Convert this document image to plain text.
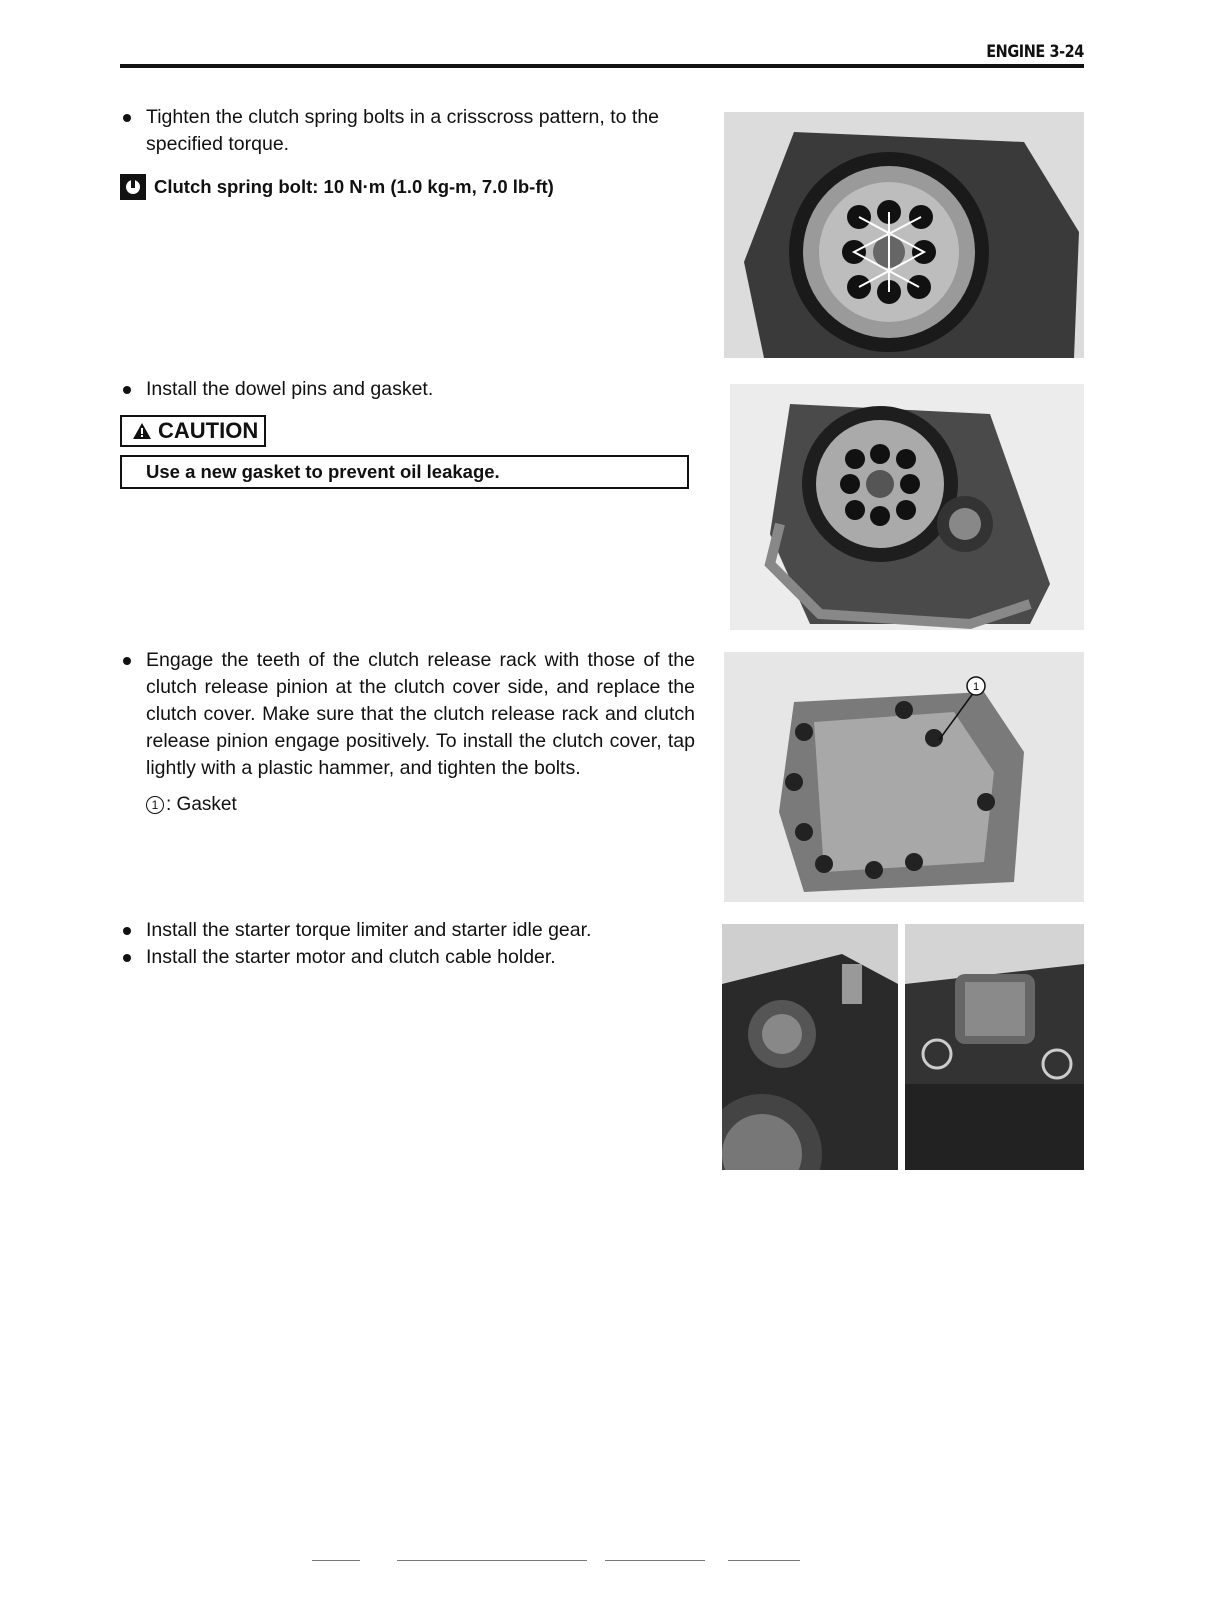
ENGINE 3-24

Tighten the clutch spring bolts in a crisscross pattern, to the specified torque.

Clutch spring bolt: 10 N·m (1.0 kg-m, 7.0 lb-ft)

Install the dowel pins and gasket.

CAUTION
Use a new gasket to prevent oil leakage.

Engage the teeth of the clutch release rack with those of the clutch release pinion at the clutch cover side, and replace the clutch cover. Make sure that the clutch release rack and clutch release pinion engage positively. To install the clutch cover, tap lightly with a plastic hammer, and tighten the bolts.

1 : Gasket
1

Install the starter torque limiter and starter idle gear.

Install the starter motor and clutch cable holder.
